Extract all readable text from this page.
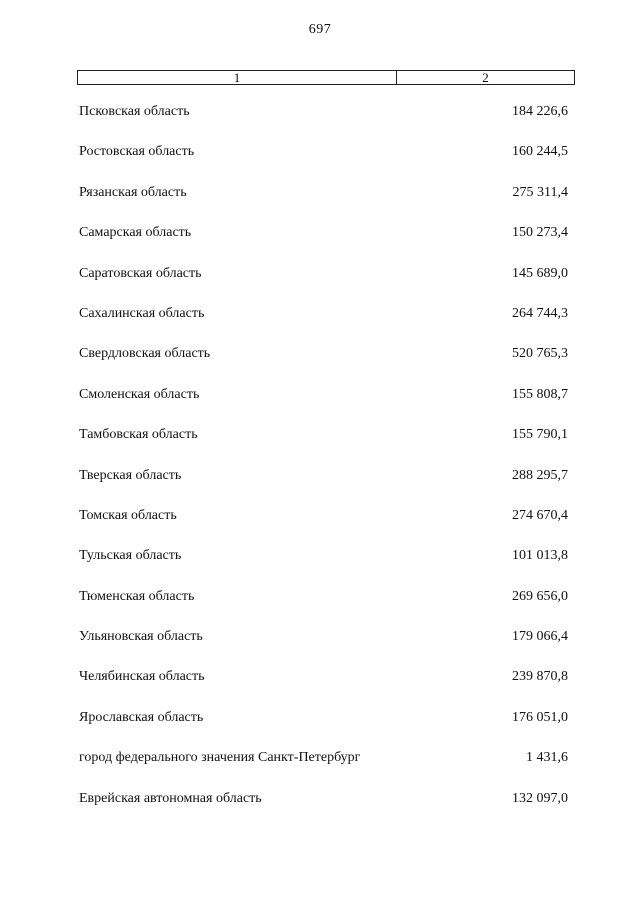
697
1	2
Псковская область	184 226,6
Ростовская область	160 244,5
Рязанская область	275 311,4
Самарская область	150 273,4
Саратовская область	145 689,0
Сахалинская область	264 744,3
Свердловская область	520 765,3
Смоленская область	155 808,7
Тамбовская область	155 790,1
Тверская область	288 295,7
Томская область	274 670,4
Тульская область	101 013,8
Тюменская область	269 656,0
Ульяновская область	179 066,4
Челябинская область	239 870,8
Ярославская область	176 051,0
город федерального значения Санкт-Петербург	1 431,6
Еврейская автономная область	132 097,0
